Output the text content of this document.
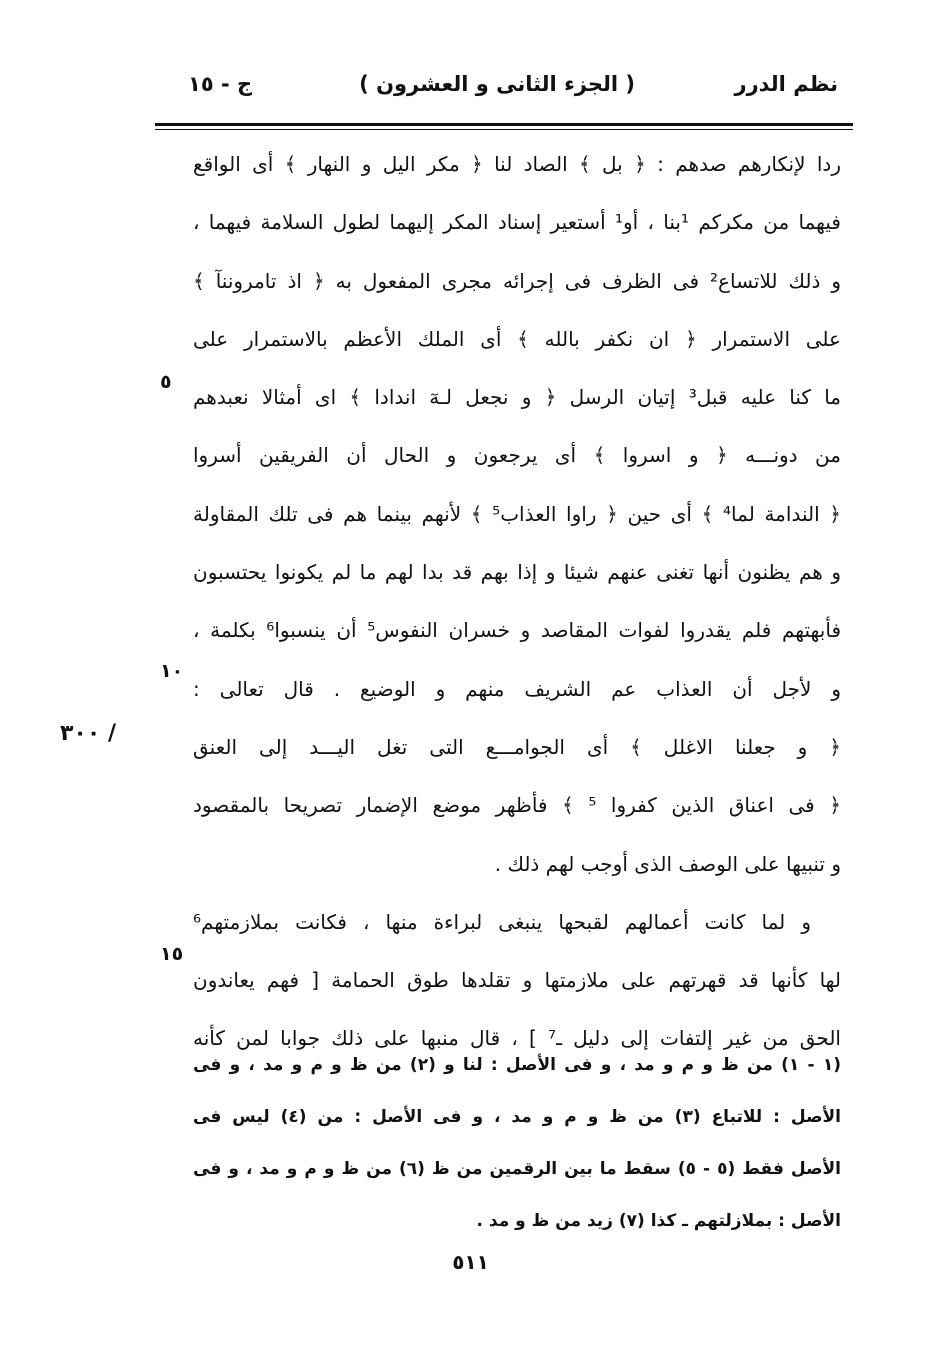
نظم الدرر
( الجزء الثانى و العشرون )
ج - ١٥
ردا لإنكارهم صدهم : ﴿ بل ﴾ الصاد لنا ﴿ مكر اليل و النهار ﴾ أى الواقع
فيهما من مكركم ¹بنا ، أو¹ أستعير إسناد المكر إليهما لطول السلامة فيهما ،
و ذلك للاتساع² فى الظرف فى إجرائه مجرى المفعول به ﴿ اذ تامروننآ ﴾
على الاستمرار ﴿ ان نكفر بالله ﴾ أى الملك الأعظم بالاستمرار على
ما كنا عليه قبل³ إتيان الرسل ﴿ و نجعل لـهٓ اندادا ﴾ اى أمثالا نعبدهم
من دونـــه ﴿ و اسروا ﴾ أى يرجعون و الحال أن الفريقين أسروا
﴿ الندامة لما⁴ ﴾ أى حين ﴿ راوا العذاب⁵ ﴾ لأنهم بينما هم فى تلك المقاولة
و هم يظنون أنها تغنى عنهم شيئا و إذا بهم قد بدا لهم ما لم يكونوا يحتسبون
فأبهتهم فلم يقدروا لفوات المقاصد و خسران النفوس⁵ أن ينسبوا⁶ بكلمة ،
و لأجل أن العذاب عم الشريف منهم و الوضيع . قال تعالى :
﴿ و جعلنا الاغلل ﴾ أى الجوامـــع التى تغل اليـــد إلى العنق
﴿ فى اعناق الذين كفروا ⁵ ﴾ فأظهر موضع الإضمار تصريحا بالمقصود
و تنبيها على الوصف الذى أوجب لهم ذلك .
و لما كانت أعمالهم لقبحها ينبغى لبراءة منها ، فكانت بملازمتهم⁶
لها كأنها قد قهرتهم على ملازمتها و تقلدها طوق الحمامة [ فهم يعاندون
الحق من غير إلتفات إلى دليل ـ⁷ ] ، قال منبها على ذلك جوابا لمن كأنه
٥
١٠
١٥
/ ٣٠٠
(١ - ١) من ظ و م و مد ، و فى الأصل : لنا و (٢) من ظ و م و مد ، و فى
الأصل : للاتباع (٣) من ظ و م و مد ، و فى الأصل : من (٤) ليس فى
الأصل فقط (٥ - ٥) سقط ما بين الرقمين من ظ (٦) من ظ و م و مد ، و فى
الأصل : بملازلتهم ـ كذا (٧) زيد من ظ و مد .
٥١١
